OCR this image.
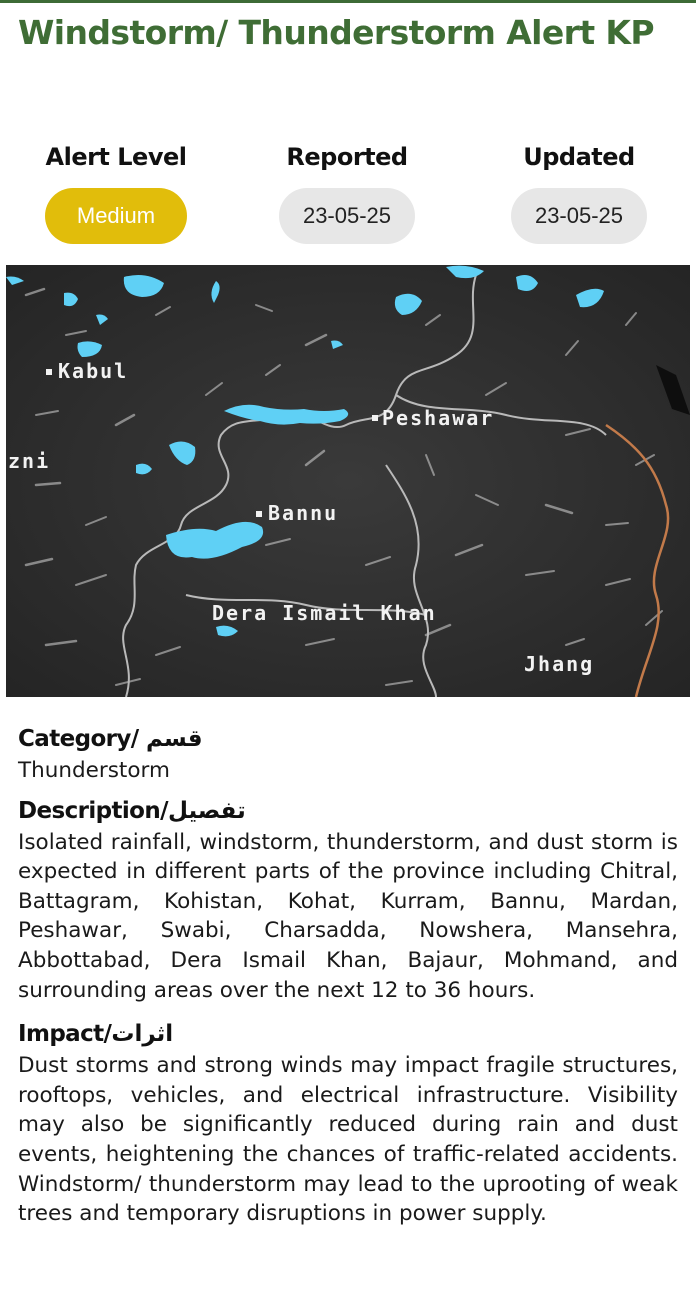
Windstorm/ Thunderstorm Alert KP
Alert Level
Medium
Reported
23-05-25
Updated
23-05-25
Kabul
Peshawar
zni
Bannu
Dera Ismail Khan
Jhang
Category/ قسم

Thunderstorm

Description/تفصیل

Isolated rainfall, windstorm, thunderstorm, and dust storm is expected in different parts of the province including Chitral, Battagram, Kohistan, Kohat, Kurram, Bannu, Mardan, Peshawar, Swabi, Charsadda, Nowshera, Mansehra, Abbottabad, Dera Ismail Khan, Bajaur, Mohmand, and surrounding areas over the next 12 to 36 hours.

Impact/اثرات

Dust storms and strong winds may impact fragile structures, rooftops, vehicles, and electrical infrastructure. Visibility may also be significantly reduced during rain and dust events, heightening the chances of traffic-related accidents. Windstorm/ thunderstorm may lead to the uprooting of weak trees and temporary disruptions in power supply.
